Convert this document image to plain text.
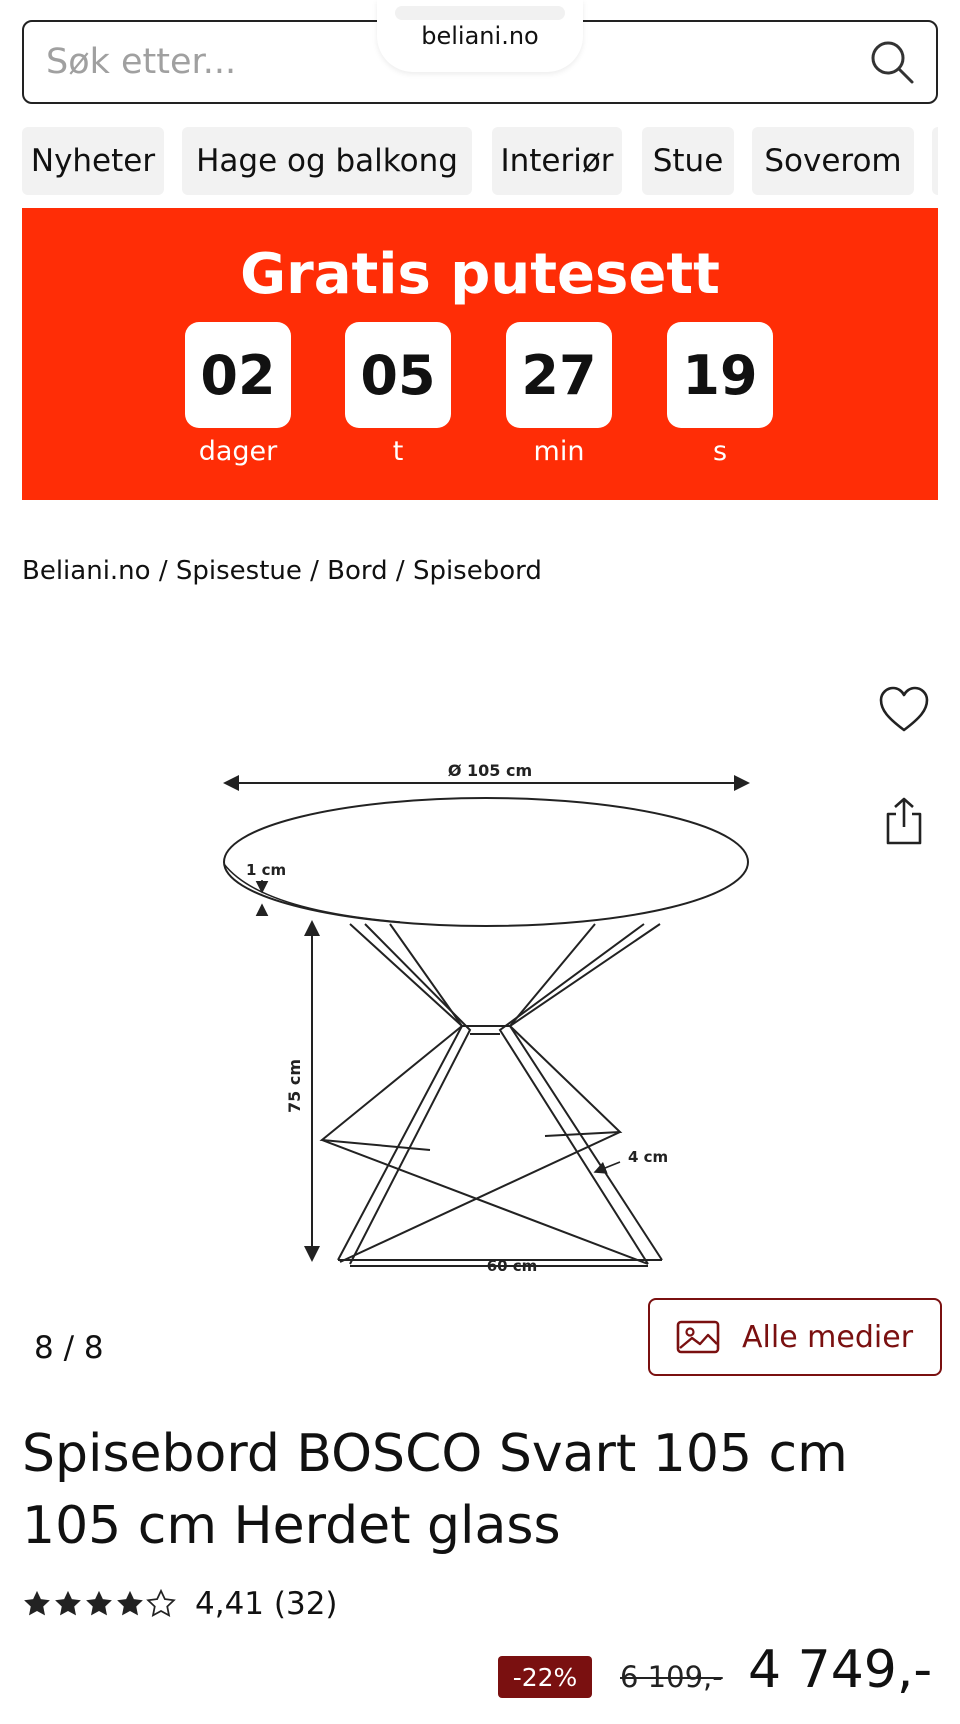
beliani.no
Søk etter...
Nyheter	Hage og balkong	Interiør	Stue	Soverom
Gratis putesett
02
dager
05
t
27
min
19
s
Beliani.no / Spisestue / Bord / Spisebord
Ø 105 cm
1 cm
75 cm
4 cm
60 cm
8 / 8	Alle medier
Spisebord BOSCO Svart 105 cm 105 cm Herdet glass
4,41 (32)
-22%	6 109,- 4 749,-
